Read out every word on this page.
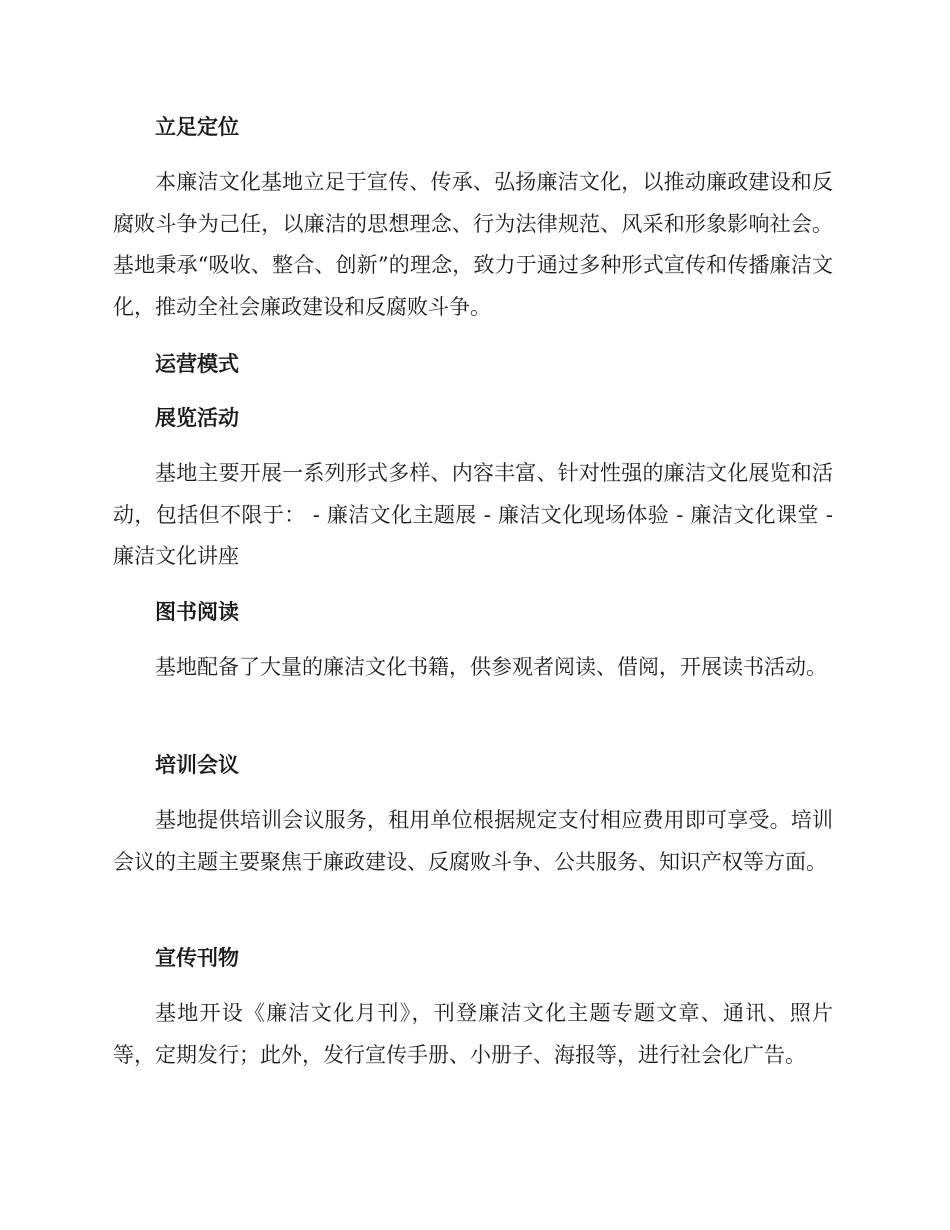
立足定位

本廉洁文化基地立足于宣传、传承、弘扬廉洁文化，以推动廉政建设和反腐败斗争为己任，以廉洁的思想理念、行为法律规范、风采和形象影响社会。基地秉承“吸收、整合、创新”的理念，致力于通过多种形式宣传和传播廉洁文化，推动全社会廉政建设和反腐败斗争。

运营模式
展览活动

基地主要开展一系列形式多样、内容丰富、针对性强的廉洁文化展览和活动，包括但不限于： - 廉洁文化主题展 - 廉洁文化现场体验 - 廉洁文化课堂 - 廉洁文化讲座

图书阅读

基地配备了大量的廉洁文化书籍，供参观者阅读、借阅，开展读书活动。

培训会议

基地提供培训会议服务，租用单位根据规定支付相应费用即可享受。培训会议的主题主要聚焦于廉政建设、反腐败斗争、公共服务、知识产权等方面。

宣传刊物

基地开设《廉洁文化月刊》，刊登廉洁文化主题专题文章、通讯、照片等，定期发行；此外，发行宣传手册、小册子、海报等，进行社会化广告。
